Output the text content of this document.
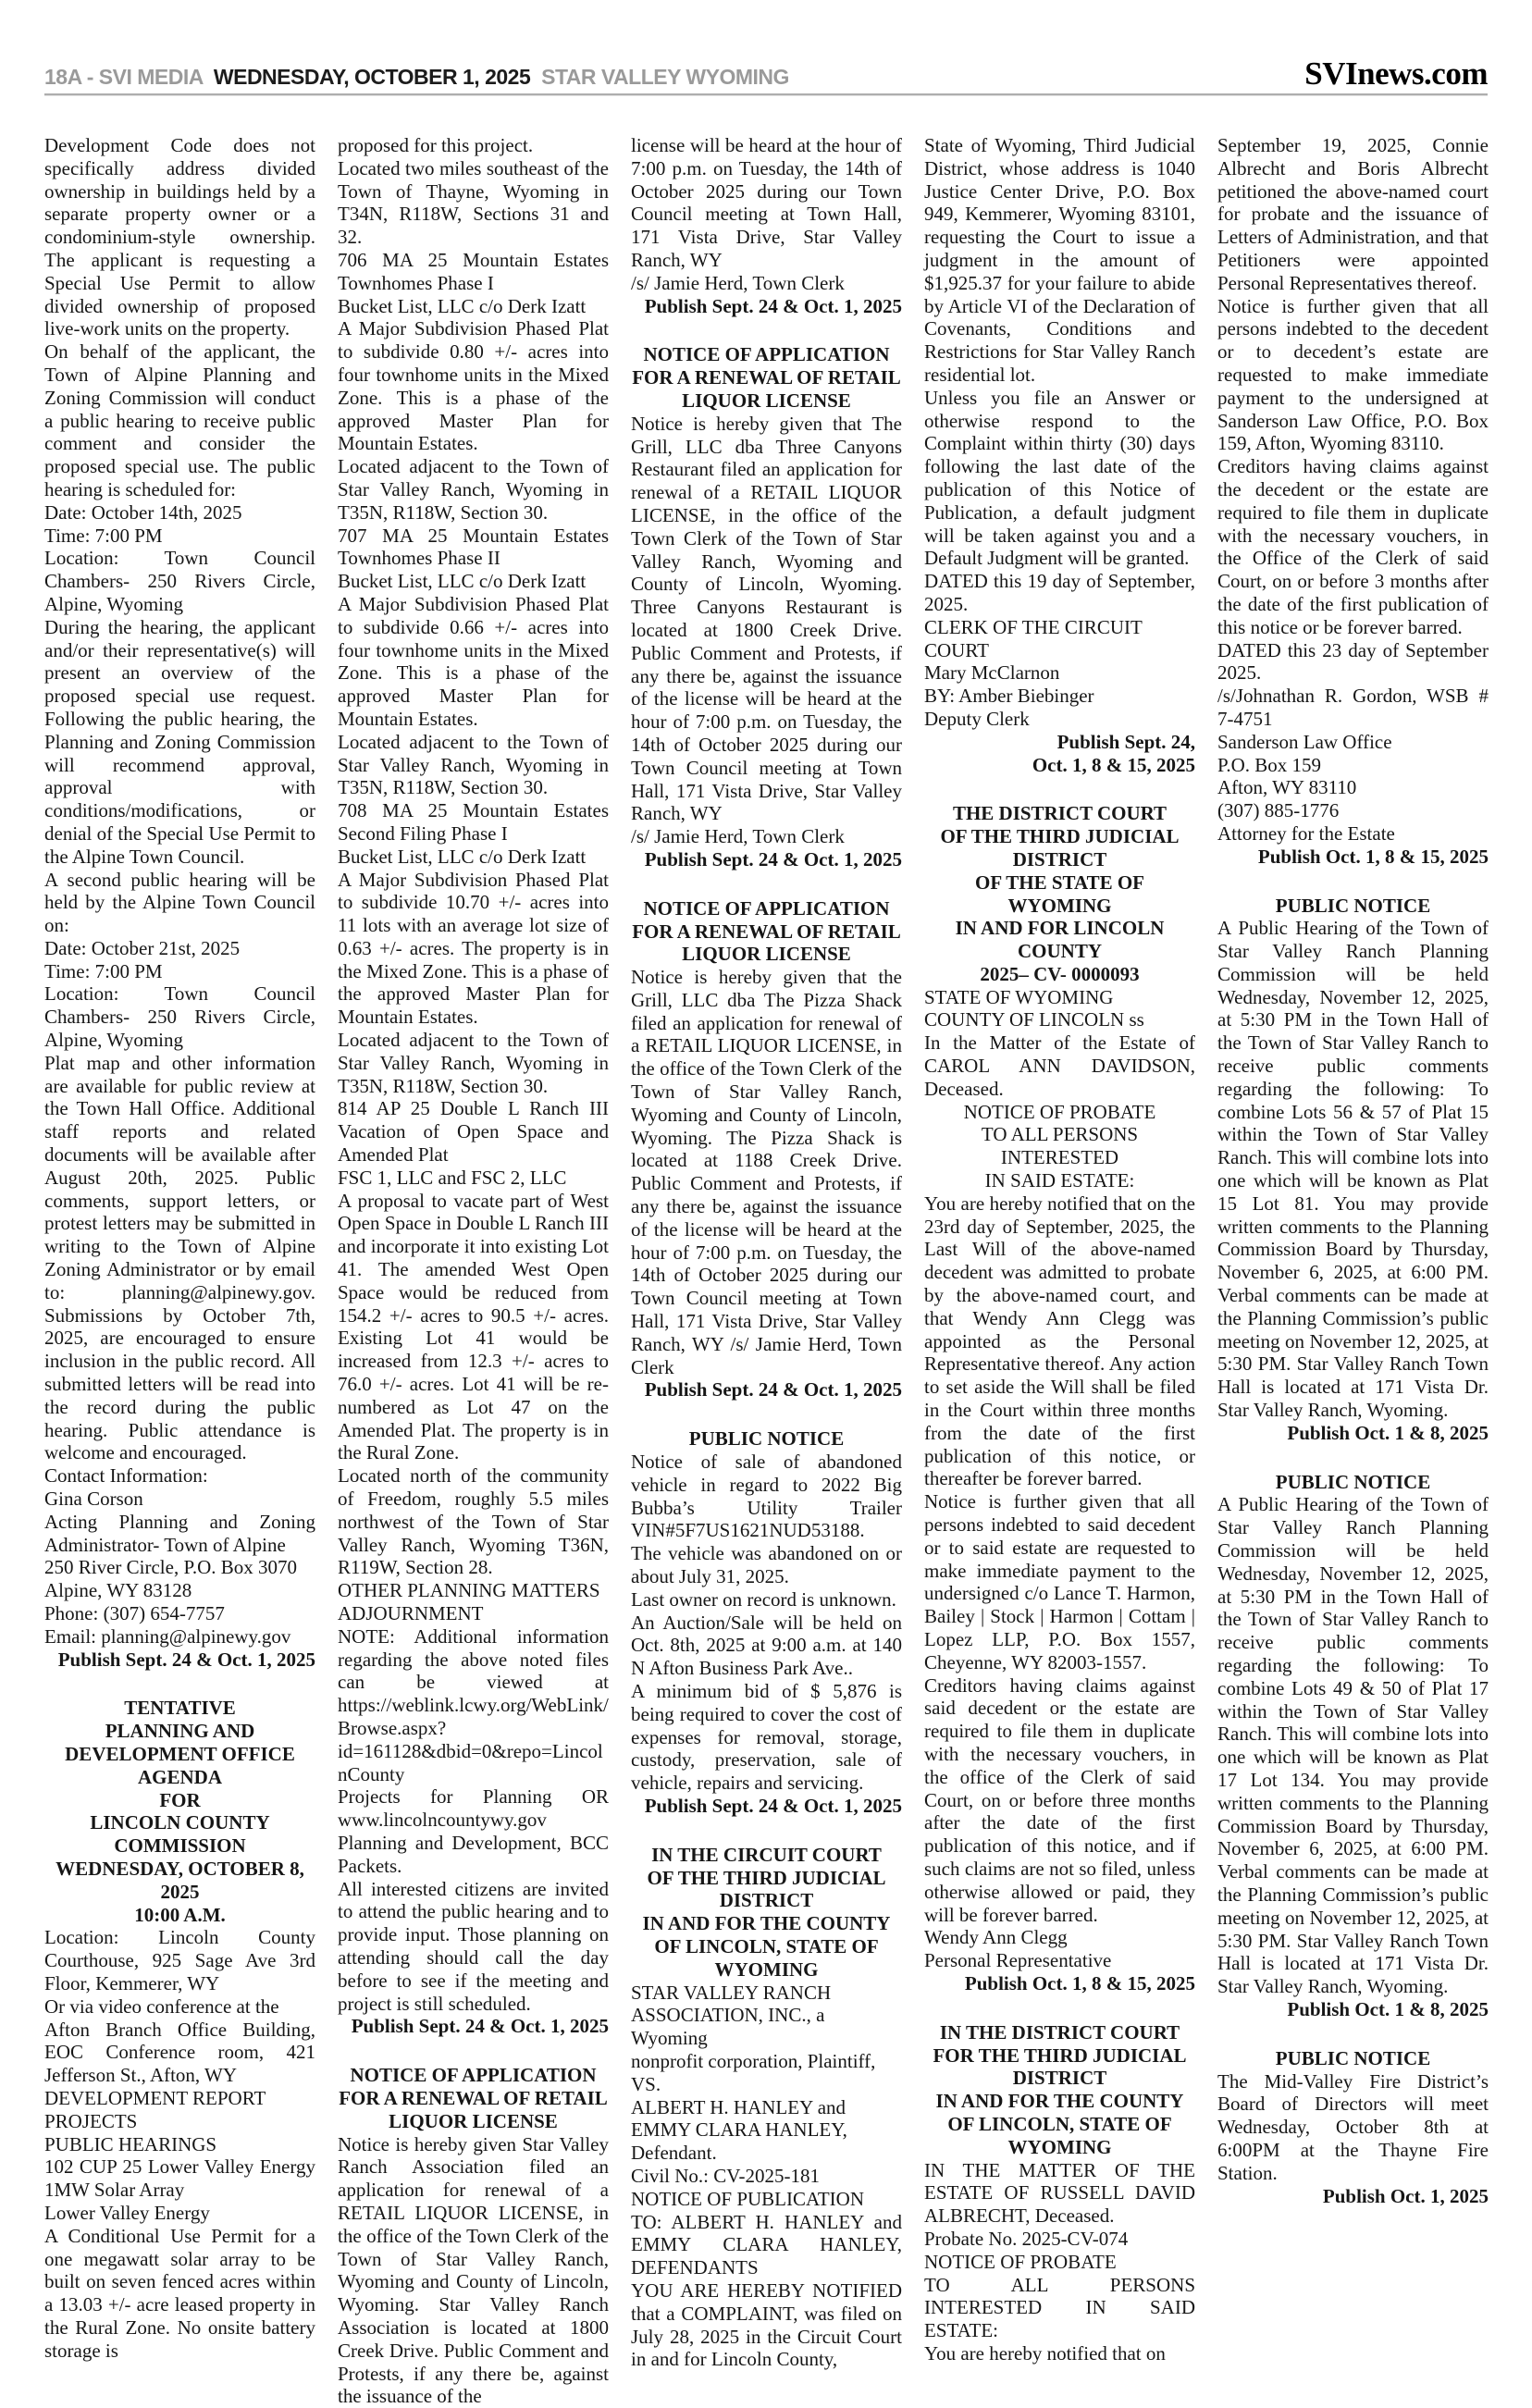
18A - SVI MEDIA WEDNESDAY, OCTOBER 1, 2025 STAR VALLEY WYOMING	SVInews.com
Development Code does not specifically address divided ownership in buildings held by a separate property owner or a condominium-style ownership. The applicant is requesting a Special Use Permit to allow divided ownership of proposed live-work units on the property.
On behalf of the applicant, the Town of Alpine Planning and Zoning Commission will conduct a public hearing to receive public comment and consider the proposed special use. The public hearing is scheduled for:
Date: October 14th, 2025
Time: 7:00 PM
Location: Town Council Chambers- 250 Rivers Circle, Alpine, Wyoming
During the hearing, the applicant and/or their representative(s) will present an overview of the proposed special use request. Following the public hearing, the Planning and Zoning Commission will recommend approval, approval with conditions/modifications, or denial of the Special Use Permit to the Alpine Town Council.
A second public hearing will be held by the Alpine Town Council on:
Date: October 21st, 2025
Time: 7:00 PM
Location: Town Council Chambers- 250 Rivers Circle, Alpine, Wyoming
Plat map and other information are available for public review at the Town Hall Office. Additional staff reports and related documents will be available after August 20th, 2025. Public comments, support letters, or protest letters may be submitted in writing to the Town of Alpine Zoning Administrator or by email to: planning@alpinewy.gov. Submissions by October 7th, 2025, are encouraged to ensure inclusion in the public record. All submitted letters will be read into the record during the public hearing. Public attendance is welcome and encouraged.
Contact Information:
Gina Corson
Acting Planning and Zoning Administrator- Town of Alpine
250 River Circle, P.O. Box 3070
Alpine, WY 83128
Phone: (307) 654-7757
Email: planning@alpinewy.gov
Publish Sept. 24 & Oct. 1, 2025
TENTATIVE
PLANNING AND
DEVELOPMENT OFFICE
AGENDA
FOR
LINCOLN COUNTY
COMMISSION
WEDNESDAY, OCTOBER 8,
2025
10:00 A.M.
Location: Lincoln County Courthouse, 925 Sage Ave 3rd Floor, Kemmerer, WY
Or via video conference at the
Afton Branch Office Building, EOC Conference room, 421 Jefferson St., Afton, WY
DEVELOPMENT REPORT
PROJECTS
PUBLIC HEARINGS
102 CUP 25 Lower Valley Energy 1MW Solar Array
Lower Valley Energy
A Conditional Use Permit for a one megawatt solar array to be built on seven fenced acres within a 13.03 +/- acre leased property in the Rural Zone. No onsite battery storage is
proposed for this project.
Located two miles southeast of the Town of Thayne, Wyoming in T34N, R118W, Sections 31 and 32.
706 MA 25 Mountain Estates Townhomes Phase I
Bucket List, LLC c/o Derk Izatt
A Major Subdivision Phased Plat to subdivide 0.80 +/- acres into four townhome units in the Mixed Zone. This is a phase of the approved Master Plan for Mountain Estates.
Located adjacent to the Town of Star Valley Ranch, Wyoming in T35N, R118W, Section 30.
707 MA 25 Mountain Estates Townhomes Phase II
Bucket List, LLC c/o Derk Izatt
A Major Subdivision Phased Plat to subdivide 0.66 +/- acres into four townhome units in the Mixed Zone. This is a phase of the approved Master Plan for Mountain Estates.
Located adjacent to the Town of Star Valley Ranch, Wyoming in T35N, R118W, Section 30.
708 MA 25 Mountain Estates Second Filing Phase I
Bucket List, LLC c/o Derk Izatt
A Major Subdivision Phased Plat to subdivide 10.70 +/- acres into 11 lots with an average lot size of 0.63 +/- acres. The property is in the Mixed Zone. This is a phase of the approved Master Plan for Mountain Estates.
Located adjacent to the Town of Star Valley Ranch, Wyoming in T35N, R118W, Section 30.
814 AP 25 Double L Ranch III Vacation of Open Space and Amended Plat
FSC 1, LLC and FSC 2, LLC
A proposal to vacate part of West Open Space in Double L Ranch III and incorporate it into existing Lot 41. The amended West Open Space would be reduced from 154.2 +/- acres to 90.5 +/- acres. Existing Lot 41 would be increased from 12.3 +/- acres to 76.0 +/- acres. Lot 41 will be re-numbered as Lot 47 on the Amended Plat. The property is in the Rural Zone.
Located north of the community of Freedom, roughly 5.5 miles northwest of the Town of Star Valley Ranch, Wyoming T36N, R119W, Section 28.
OTHER PLANNING MATTERS
ADJOURNMENT
NOTE: Additional information regarding the above noted files can be viewed at https://weblink.lcwy.org/WebLink/Browse.aspx?id=161128&dbid=0&repo=LincolnCounty
Projects for Planning OR www.lincolncountywy.gov Planning and Development, BCC Packets.
All interested citizens are invited to attend the public hearing and to provide input. Those planning on attending should call the day before to see if the meeting and project is still scheduled.
Publish Sept. 24 & Oct. 1, 2025
NOTICE OF APPLICATION
FOR A RENEWAL OF RETAIL
LIQUOR LICENSE
Notice is hereby given Star Valley Ranch Association filed an application for renewal of a RETAIL LIQUOR LICENSE, in the office of the Town Clerk of the Town of Star Valley Ranch, Wyoming and County of Lincoln, Wyoming. Star Valley Ranch Association is located at 1800 Creek Drive. Public Comment and Protests, if any there be, against the issuance of the
license will be heard at the hour of 7:00 p.m. on Tuesday, the 14th of October 2025 during our Town Council meeting at Town Hall, 171 Vista Drive, Star Valley Ranch, WY
/s/ Jamie Herd, Town Clerk
Publish Sept. 24 & Oct. 1, 2025
NOTICE OF APPLICATION
FOR A RENEWAL OF RETAIL
LIQUOR LICENSE
Notice is hereby given that The Grill, LLC dba Three Canyons Restaurant filed an application for renewal of a RETAIL LIQUOR LICENSE, in the office of the Town Clerk of the Town of Star Valley Ranch, Wyoming and County of Lincoln, Wyoming. Three Canyons Restaurant is located at 1800 Creek Drive. Public Comment and Protests, if any there be, against the issuance of the license will be heard at the hour of 7:00 p.m. on Tuesday, the 14th of October 2025 during our Town Council meeting at Town Hall, 171 Vista Drive, Star Valley Ranch, WY
/s/ Jamie Herd, Town Clerk
Publish Sept. 24 & Oct. 1, 2025
NOTICE OF APPLICATION
FOR A RENEWAL OF RETAIL
LIQUOR LICENSE
Notice is hereby given that the Grill, LLC dba The Pizza Shack filed an application for renewal of a RETAIL LIQUOR LICENSE, in the office of the Town Clerk of the Town of Star Valley Ranch, Wyoming and County of Lincoln, Wyoming. The Pizza Shack is located at 1188 Creek Drive. Public Comment and Protests, if any there be, against the issuance of the license will be heard at the hour of 7:00 p.m. on Tuesday, the 14th of October 2025 during our Town Council meeting at Town Hall, 171 Vista Drive, Star Valley Ranch, WY /s/ Jamie Herd, Town Clerk
Publish Sept. 24 & Oct. 1, 2025
PUBLIC NOTICE
Notice of sale of abandoned vehicle in regard to 2022 Big Bubba’s Utility Trailer VIN#5F7US1621NUD53188.
The vehicle was abandoned on or about July 31, 2025.
Last owner on record is unknown.
An Auction/Sale will be held on Oct. 8th, 2025 at 9:00 a.m. at 140 N Afton Business Park Ave..
A minimum bid of $ 5,876 is being required to cover the cost of expenses for removal, storage, custody, preservation, sale of vehicle, repairs and servicing.
Publish Sept. 24 & Oct. 1, 2025
IN THE CIRCUIT COURT
OF THE THIRD JUDICIAL
DISTRICT
IN AND FOR THE COUNTY
OF LINCOLN, STATE OF
WYOMING
STAR VALLEY RANCH
ASSOCIATION, INC., a Wyoming
nonprofit corporation, Plaintiff,
VS.
ALBERT H. HANLEY and
EMMY CLARA HANLEY,
Defendant.
Civil No.: CV-2025-181
NOTICE OF PUBLICATION
TO: ALBERT H. HANLEY and EMMY CLARA HANLEY, DEFENDANTS
YOU ARE HEREBY NOTIFIED that a COMPLAINT, was filed on July 28, 2025 in the Circuit Court in and for Lincoln County,
State of Wyoming, Third Judicial District, whose address is 1040 Justice Center Drive, P.O. Box 949, Kemmerer, Wyoming 83101, requesting the Court to issue a judgment in the amount of $1,925.37 for your failure to abide by Article VI of the Declaration of Covenants, Conditions and Restrictions for Star Valley Ranch residential lot.
Unless you file an Answer or otherwise respond to the Complaint within thirty (30) days following the last date of the publication of this Notice of Publication, a default judgment will be taken against you and a Default Judgment will be granted.
DATED this 19 day of September, 2025.
CLERK OF THE CIRCUIT COURT
Mary McClarnon
BY: Amber Biebinger
Deputy Clerk
Publish Sept. 24,
Oct. 1, 8 & 15, 2025
THE DISTRICT COURT
OF THE THIRD JUDICIAL
DISTRICT
OF THE STATE OF WYOMING
IN AND FOR LINCOLN
COUNTY
2025– CV- 0000093
STATE OF WYOMING
COUNTY OF LINCOLN ss
In the Matter of the Estate of CAROL ANN DAVIDSON, Deceased.
NOTICE OF PROBATE
TO ALL PERSONS INTERESTED
IN SAID ESTATE:
You are hereby notified that on the 23rd day of September, 2025, the Last Will of the above-named decedent was admitted to probate by the above-named court, and that Wendy Ann Clegg was appointed as the Personal Representative thereof. Any action to set aside the Will shall be filed in the Court within three months from the date of the first publication of this notice, or thereafter be forever barred.
Notice is further given that all persons indebted to said decedent or to said estate are requested to make immediate payment to the undersigned c/o Lance T. Harmon, Bailey | Stock | Harmon | Cottam | Lopez LLP, P.O. Box 1557, Cheyenne, WY 82003-1557.
Creditors having claims against said decedent or the estate are required to file them in duplicate with the necessary vouchers, in the office of the Clerk of said Court, on or before three months after the date of the first publication of this notice, and if such claims are not so filed, unless otherwise allowed or paid, they will be forever barred.
Wendy Ann Clegg
Personal Representative
Publish Oct. 1, 8 & 15, 2025
IN THE DISTRICT COURT
FOR THE THIRD JUDICIAL
DISTRICT
IN AND FOR THE COUNTY
OF LINCOLN, STATE OF
WYOMING
IN THE MATTER OF THE ESTATE OF RUSSELL DAVID ALBRECHT, Deceased.
Probate No. 2025-CV-074
NOTICE OF PROBATE
TO ALL PERSONS INTERESTED IN SAID ESTATE:
You are hereby notified that on
September 19, 2025, Connie Albrecht and Boris Albrecht petitioned the above-named court for probate and the issuance of Letters of Administration, and that Petitioners were appointed Personal Representatives thereof.
Notice is further given that all persons indebted to the decedent or to decedent’s estate are requested to make immediate payment to the undersigned at Sanderson Law Office, P.O. Box 159, Afton, Wyoming 83110.
Creditors having claims against the decedent or the estate are required to file them in duplicate with the necessary vouchers, in the Office of the Clerk of said Court, on or before 3 months after the date of the first publication of this notice or be forever barred.
DATED this 23 day of September 2025.
/s/Johnathan R. Gordon, WSB # 7-4751
Sanderson Law Office
P.O. Box 159
Afton, WY 83110
(307) 885-1776
Attorney for the Estate
Publish Oct. 1, 8 & 15, 2025
PUBLIC NOTICE
A Public Hearing of the Town of Star Valley Ranch Planning Commission will be held Wednesday, November 12, 2025, at 5:30 PM in the Town Hall of the Town of Star Valley Ranch to receive public comments regarding the following: To combine Lots 56 & 57 of Plat 15 within the Town of Star Valley Ranch. This will combine lots into one which will be known as Plat 15 Lot 81. You may provide written comments to the Planning Commission Board by Thursday, November 6, 2025, at 6:00 PM. Verbal comments can be made at the Planning Commission’s public meeting on November 12, 2025, at 5:30 PM. Star Valley Ranch Town Hall is located at 171 Vista Dr. Star Valley Ranch, Wyoming.
Publish Oct. 1 & 8, 2025
PUBLIC NOTICE
A Public Hearing of the Town of Star Valley Ranch Planning Commission will be held Wednesday, November 12, 2025, at 5:30 PM in the Town Hall of the Town of Star Valley Ranch to receive public comments regarding the following: To combine Lots 49 & 50 of Plat 17 within the Town of Star Valley Ranch. This will combine lots into one which will be known as Plat 17 Lot 134. You may provide written comments to the Planning Commission Board by Thursday, November 6, 2025, at 6:00 PM. Verbal comments can be made at the Planning Commission’s public meeting on November 12, 2025, at 5:30 PM. Star Valley Ranch Town Hall is located at 171 Vista Dr. Star Valley Ranch, Wyoming.
Publish Oct. 1 & 8, 2025
PUBLIC NOTICE
The Mid-Valley Fire District’s Board of Directors will meet Wednesday, October 8th at 6:00PM at the Thayne Fire Station.
Publish Oct. 1, 2025
